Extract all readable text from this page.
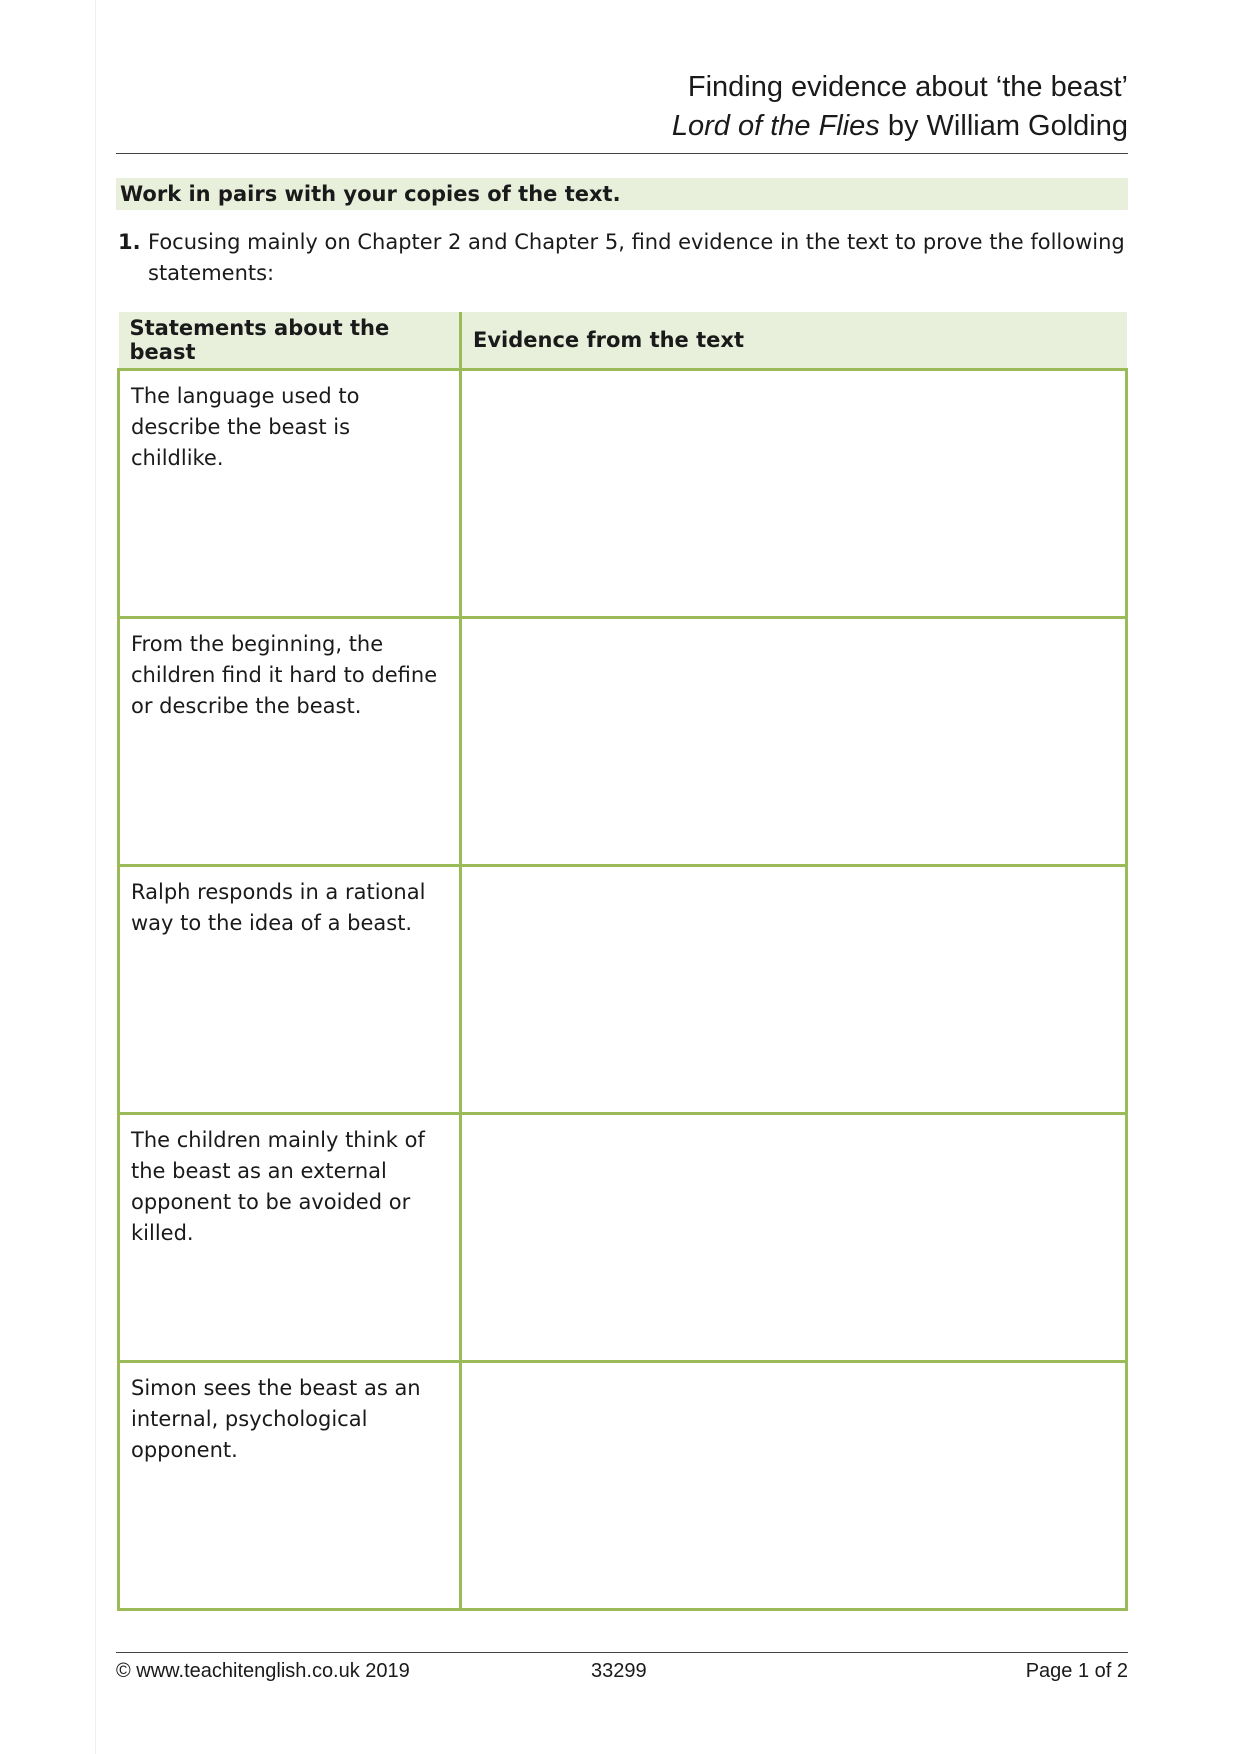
Finding evidence about ‘the beast’
Lord of the Flies by William Golding
Work in pairs with your copies of the text.
1. Focusing mainly on Chapter 2 and Chapter 5, find evidence in the text to prove the following statements:
Statements about the beast	Evidence from the text
The language used to describe the beast is childlike.	
From the beginning, the children find it hard to define or describe the beast.	
Ralph responds in a rational way to the idea of a beast.	
The children mainly think of the beast as an external opponent to be avoided or killed.	
Simon sees the beast as an internal, psychological opponent.	
© www.teachitenglish.co.uk 2019	33299	Page 1 of 2
